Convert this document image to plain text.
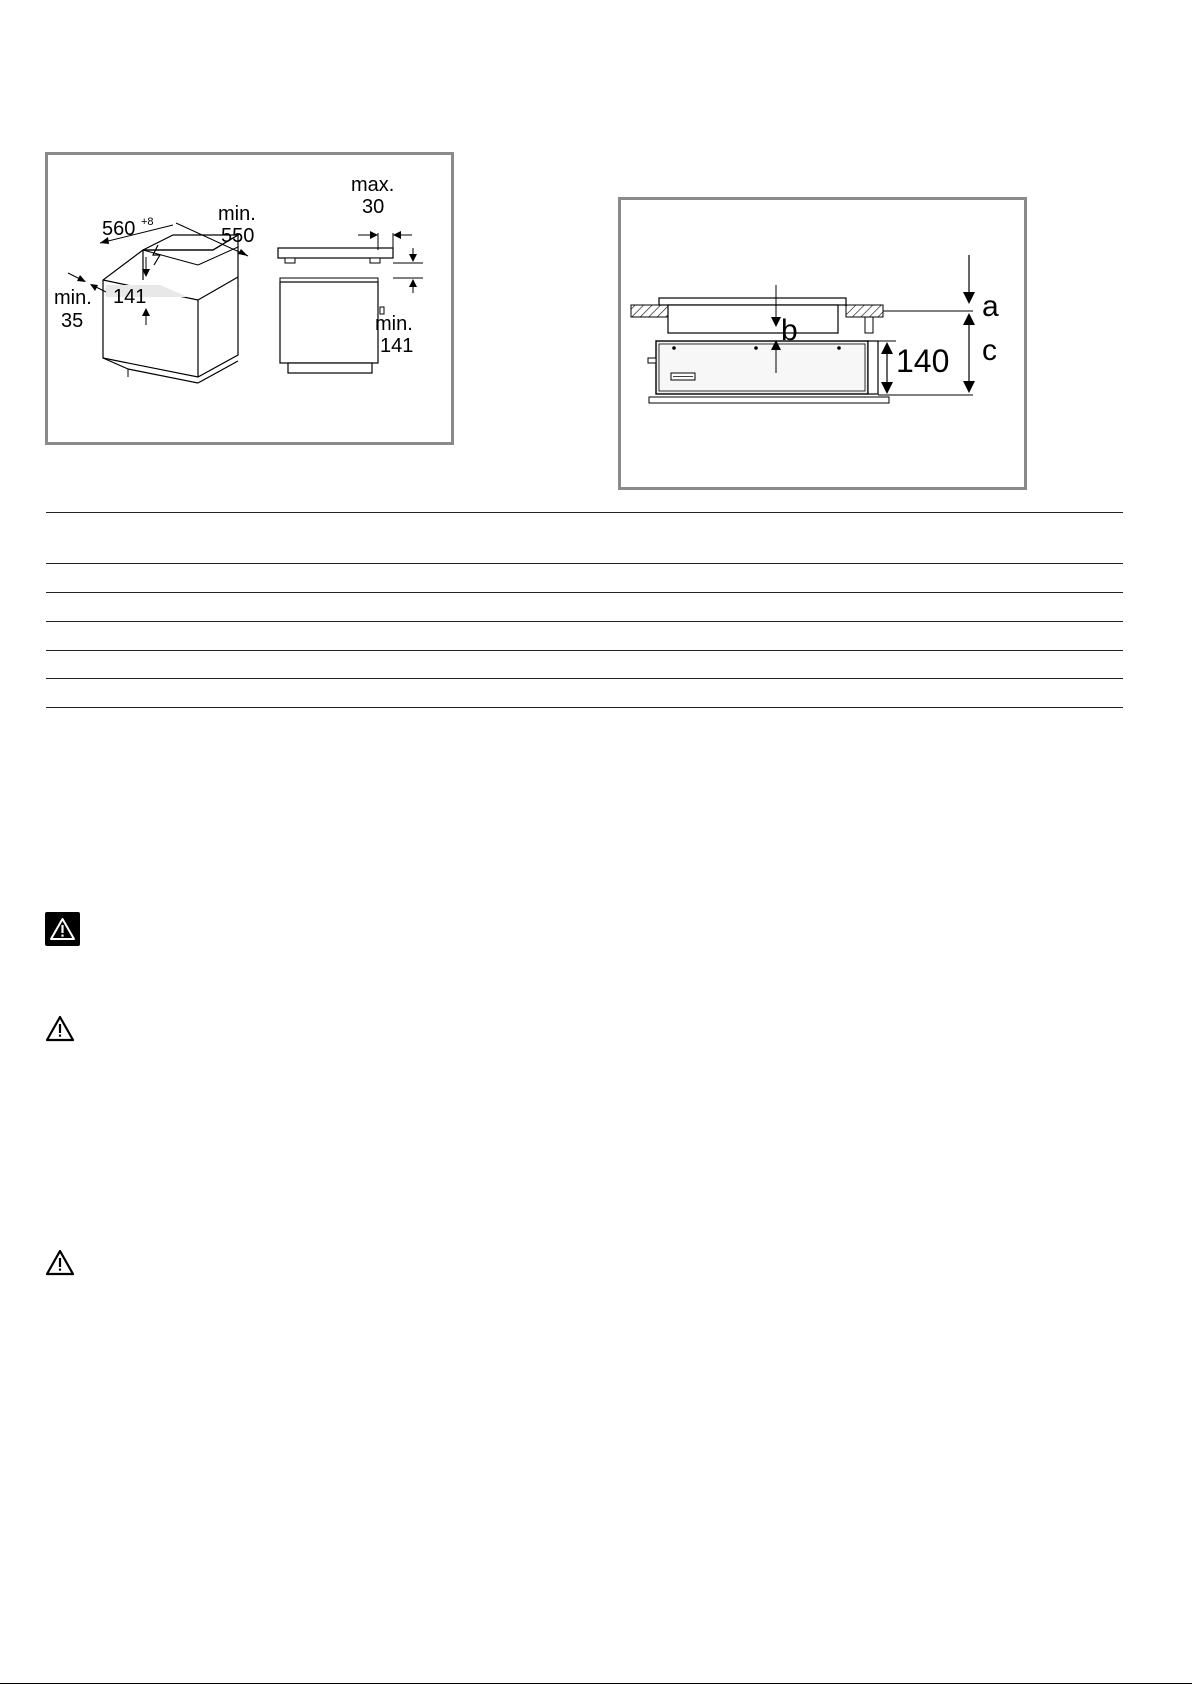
560 +8	min.
550
min.
35
141
max.
30
min.
141
a
b
c
140
